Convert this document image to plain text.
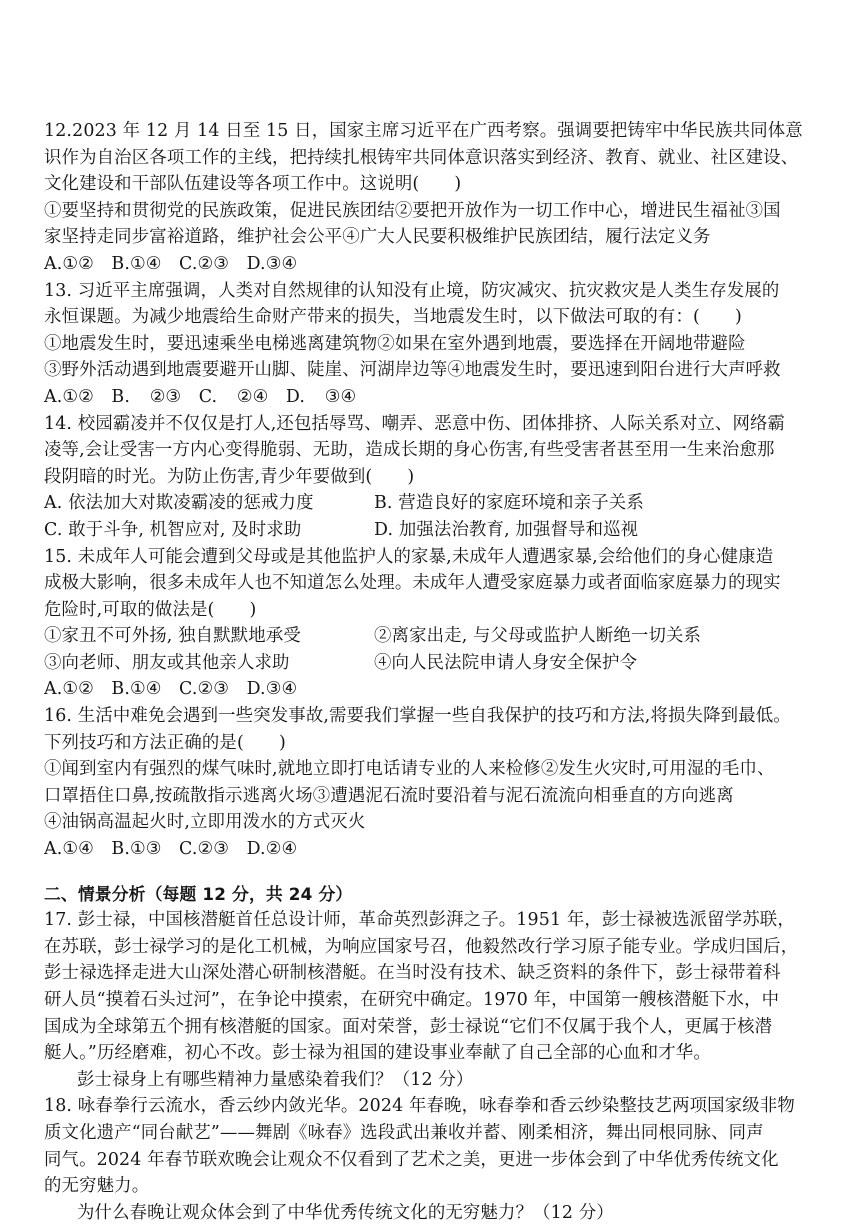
12.2023 年 12 月 14 日至 15 日，国家主席习近平在广西考察。强调要把铸牢中华民族共同体意
识作为自治区各项工作的主线，把持续扎根铸牢共同体意识落实到经济、教育、就业、社区建设、
文化建设和干部队伍建设等各项工作中。这说明(　　)
①要坚持和贯彻党的民族政策，促进民族团结②要把开放作为一切工作中心，增进民生福祉③国
家坚持走同步富裕道路，维护社会公平④广大人民要积极维护民族团结，履行法定义务
A.①②　B.①④　C.②③　D.③④
13. 习近平主席强调，人类对自然规律的认知没有止境，防灾减灾、抗灾救灾是人类生存发展的
永恒课题。为减少地震给生命财产带来的损失，当地震发生时，以下做法可取的有：(　　)
①地震发生时，要迅速乘坐电梯逃离建筑物②如果在室外遇到地震，要选择在开阔地带避险
③野外活动遇到地震要避开山脚、陡崖、河湖岸边等④地震发生时，要迅速到阳台进行大声呼救
A.①②　B. ②③　C. ②④　D. ③④
14. 校园霸凌并不仅仅是打人,还包括辱骂、嘲弄、恶意中伤、团体排挤、人际关系对立、网络霸
凌等,会让受害一方内心变得脆弱、无助，造成长期的身心伤害,有些受害者甚至用一生来治愈那
段阴暗的时光。为防止伤害,青少年要做到(　　)
A. 依法加大对欺凌霸凌的惩戒力度	B. 营造良好的家庭环境和亲子关系
C. 敢于斗争, 机智应对, 及时求助	D. 加强法治教育, 加强督导和巡视
15. 未成年人可能会遭到父母或是其他监护人的家暴,未成年人遭遇家暴,会给他们的身心健康造
成极大影响，很多未成年人也不知道怎么处理。未成年人遭受家庭暴力或者面临家庭暴力的现实
危险时,可取的做法是(　　)
①家丑不可外扬, 独自默默地承受	②离家出走, 与父母或监护人断绝一切关系
③向老师、朋友或其他亲人求助	④向人民法院申请人身安全保护令
A.①②　B.①④　C.②③　D.③④
16. 生活中难免会遇到一些突发事故,需要我们掌握一些自我保护的技巧和方法,将损失降到最低。
下列技巧和方法正确的是(　　)
①闻到室内有强烈的煤气味时,就地立即打电话请专业的人来检修②发生火灾时,可用湿的毛巾、
口罩捂住口鼻,按疏散指示逃离火场③遭遇泥石流时要沿着与泥石流流向相垂直的方向逃离
④油锅高温起火时,立即用泼水的方式灭火
A.①④　B.①③　C.②③　D.②④
二、情景分析（每题 12 分，共 24 分）
17. 彭士禄，中国核潜艇首任总设计师，革命英烈彭湃之子。1951 年，彭士禄被选派留学苏联，
在苏联，彭士禄学习的是化工机械，为响应国家号召，他毅然改行学习原子能专业。学成归国后，
彭士禄选择走进大山深处潜心研制核潜艇。在当时没有技术、缺乏资料的条件下，彭士禄带着科
研人员“摸着石头过河”，在争论中摸索，在研究中确定。1970 年，中国第一艘核潜艇下水，中
国成为全球第五个拥有核潜艇的国家。面对荣誉，彭士禄说“它们不仅属于我个人，更属于核潜
艇人。”历经磨难，初心不改。彭士禄为祖国的建设事业奉献了自己全部的心血和才华。
彭士禄身上有哪些精神力量感染着我们？（12 分）
18. 咏春拳行云流水，香云纱内敛光华。2024 年春晚，咏春拳和香云纱染整技艺两项国家级非物
质文化遗产“同台献艺”——舞剧《咏春》选段武出兼收并蓄、刚柔相济，舞出同根同脉、同声
同气。2024 年春节联欢晚会让观众不仅看到了艺术之美，更进一步体会到了中华优秀传统文化
的无穷魅力。
为什么春晚让观众体会到了中华优秀传统文化的无穷魅力？（12 分）
